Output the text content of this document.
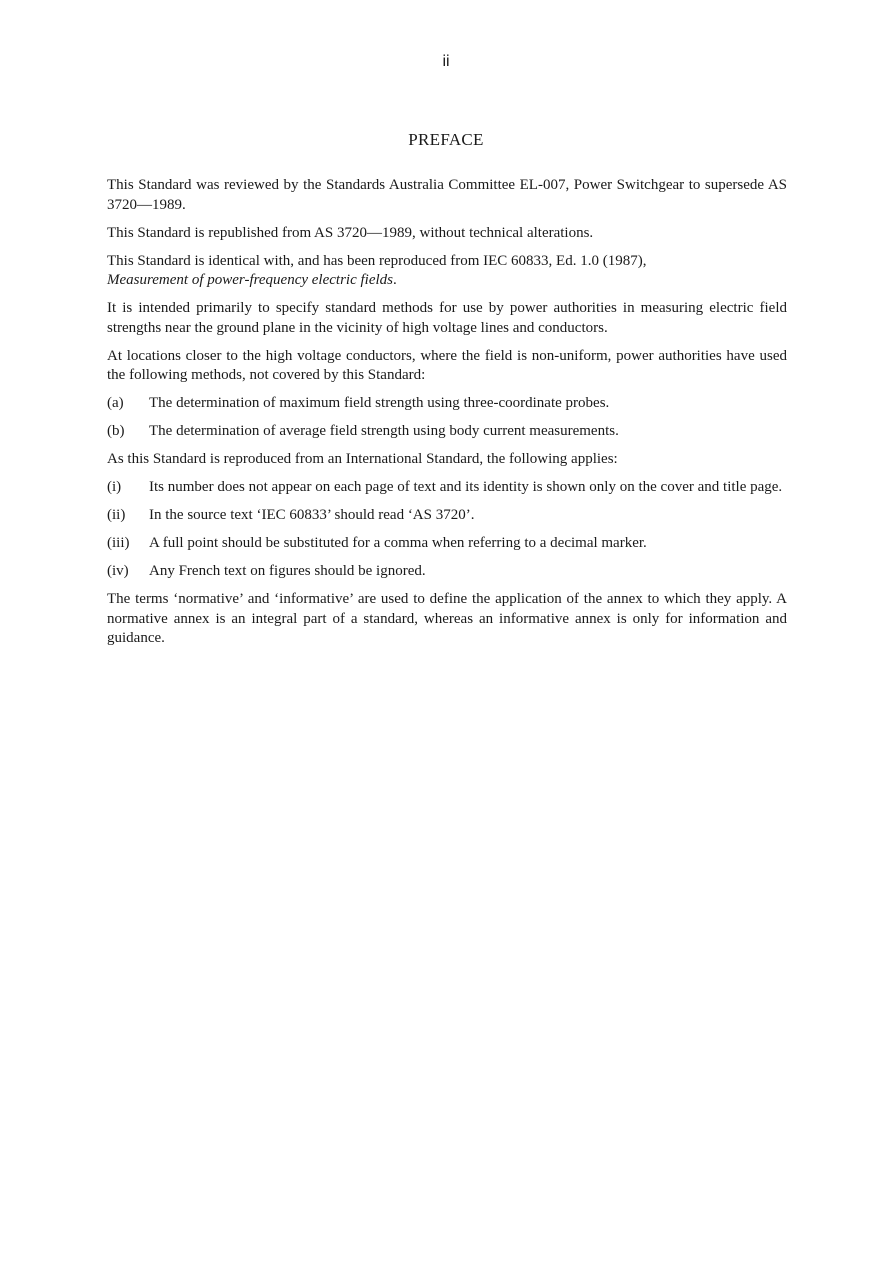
ii
PREFACE

This Standard was reviewed by the Standards Australia Committee EL-007, Power Switchgear to supersede AS 3720—1989.

This Standard is republished from AS 3720—1989, without technical alterations.

This Standard is identical with, and has been reproduced from IEC 60833, Ed. 1.0 (1987),
Measurement of power-frequency electric fields.

It is intended primarily to specify standard methods for use by power authorities in measuring electric field strengths near the ground plane in the vicinity of high voltage lines and conductors.

At locations closer to the high voltage conductors, where the field is non-uniform, power authorities have used the following methods, not covered by this Standard:

(a)	The determination of maximum field strength using three-coordinate probes.
(b)	The determination of average field strength using body current measurements.

As this Standard is reproduced from an International Standard, the following applies:

(i)	Its number does not appear on each page of text and its identity is shown only on the cover and title page.
(ii)	In the source text ‘IEC 60833’ should read ‘AS 3720’.
(iii)	A full point should be substituted for a comma when referring to a decimal marker.
(iv)	Any French text on figures should be ignored.

The terms ‘normative’ and ‘informative’ are used to define the application of the annex to which they apply. A normative annex is an integral part of a standard, whereas an informative annex is only for information and guidance.
